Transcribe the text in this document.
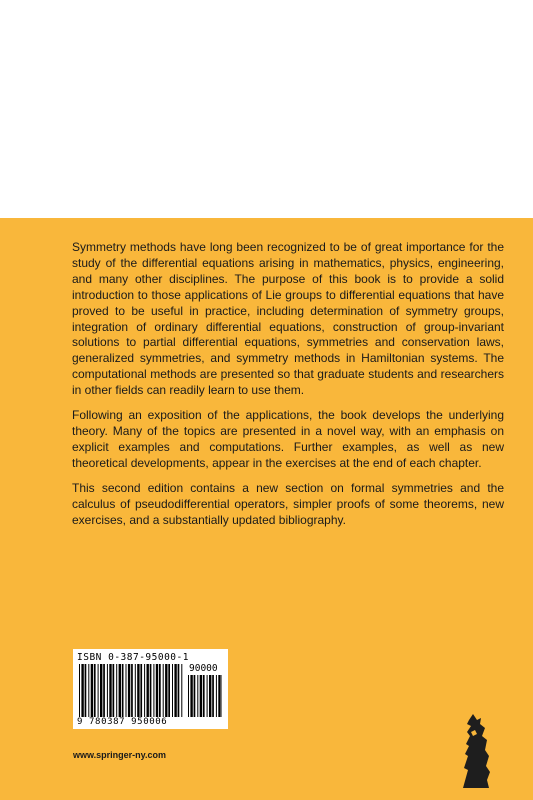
Symmetry methods have long been recognized to be of great importance for the study of the differential equations arising in mathematics, physics, engineering, and many other disciplines. The purpose of this book is to provide a solid introduction to those applications of Lie groups to differential equations that have proved to be useful in practice, including determination of symmetry groups, integration of ordinary differential equations, construction of group-invariant solutions to partial differential equations, symmetries and conservation laws, generalized symmetries, and symmetry methods in Hamiltonian systems. The computational methods are presented so that graduate students and researchers in other fields can readily learn to use them.

Following an exposition of the applications, the book develops the underlying theory. Many of the topics are presented in a novel way, with an emphasis on explicit examples and computations. Further examples, as well as new theoretical developments, appear in the exercises at the end of each chapter.

This second edition contains a new section on formal symmetries and the calculus of pseudodifferential operators, simpler proofs of some theorems, new exercises, and a substantially updated bibliography.

ISBN 0-387-95000-1
90000
9 780387 950006
www.springer-ny.com
